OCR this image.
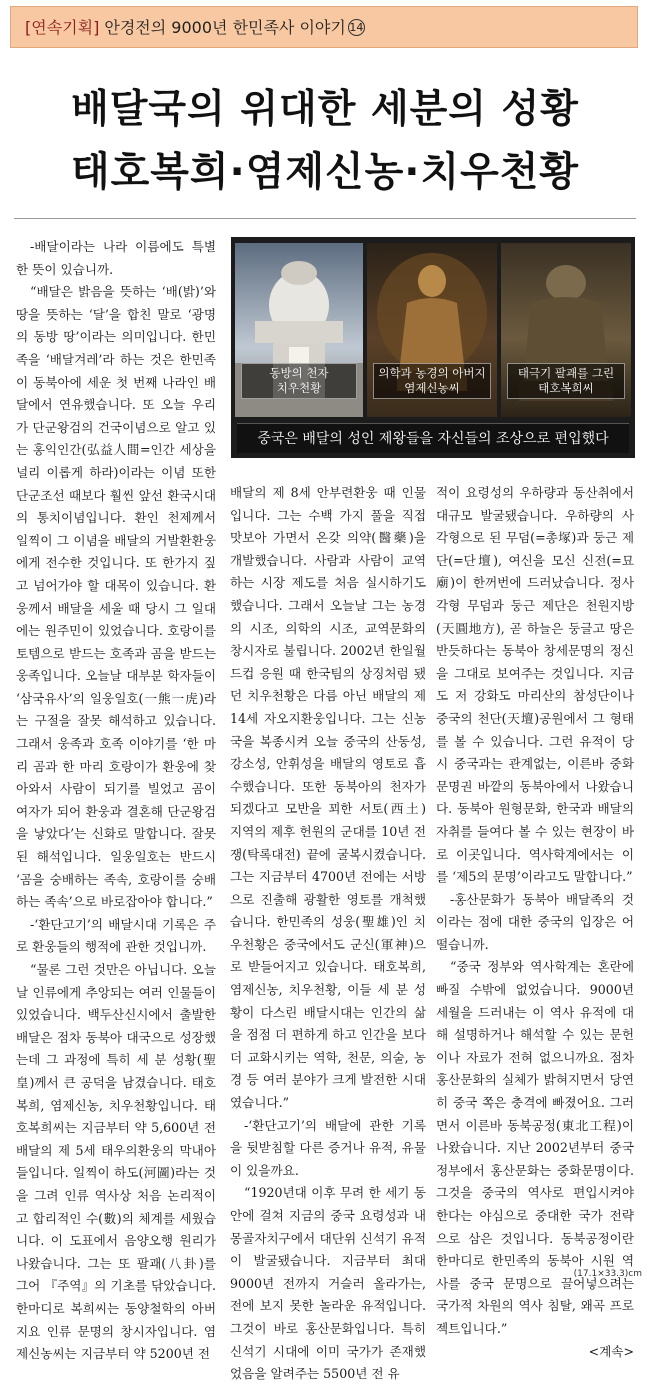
[연속기획] 안경전의 9000년 한민족사 이야기 14
배달국의 위대한 세분의 성황
태호복희·염제신농·치우천황
동방의 천자
치우천황
의학과 농경의 아버지
염제신농씨
태극기 팔괘를 그린
태호복희씨
중국은 배달의 성인 제왕들을 자신들의 조상으로 편입했다

-배달이라는 나라 이름에도 특별한 뜻이 있습니까.

“배달은 밝음을 뜻하는 ‘배(밝)’와 땅을 뜻하는 ‘달’을 합친 말로 ‘광명의 동방 땅’이라는 의미입니다. 한민족을 ‘배달겨레’라 하는 것은 한민족이 동북아에 세운 첫 번째 나라인 배달에서 연유했습니다. 또 오늘 우리가 단군왕검의 건국이념으로 알고 있는 홍익인간(弘益人間=인간 세상을 널리 이롭게 하라)이라는 이념 또한 단군조선 때보다 훨씬 앞선 환국시대의 통치이념입니다. 환인 천제께서 일찍이 그 이념을 배달의 거발환환웅에게 전수한 것입니다. 또 한가지 짚고 넘어가야 할 대목이 있습니다. 환웅께서 배달을 세울 때 당시 그 일대에는 원주민이 있었습니다. 호랑이를 토템으로 받드는 호족과 곰을 받드는 웅족입니다. 오늘날 대부분 학자들이 ‘삼국유사’의 일웅일호(一熊一虎)라는 구절을 잘못 해석하고 있습니다. 그래서 웅족과 호족 이야기를 ‘한 마리 곰과 한 마리 호랑이가 환웅에 찾아와서 사람이 되기를 빌었고 곰이 여자가 되어 환웅과 결혼해 단군왕검을 낳았다’는 신화로 말합니다. 잘못된 해석입니다. 일웅일호는 반드시 ‘곰을 숭배하는 족속, 호랑이를 숭배하는 족속’으로 바로잡아야 합니다.”

-‘환단고기’의 배달시대 기록은 주로 환웅들의 행적에 관한 것입니까.

“물론 그런 것만은 아닙니다. 오늘날 인류에게 추앙되는 여러 인물들이 있었습니다. 백두산신시에서 출발한 배달은 점차 동북아 대국으로 성장했는데 그 과정에 특히 세 분 성황(聖皇)께서 큰 공덕을 남겼습니다. 태호복희, 염제신농, 치우천황입니다. 태호복희씨는 지금부터 약 5,600년 전 배달의 제 5세 태우의환웅의 막내아들입니다. 일찍이 하도(河圖)라는 것을 그려 인류 역사상 처음 논리적이고 합리적인 수(數)의 체계를 세웠습니다. 이 도표에서 음양오행 원리가 나왔습니다. 그는 또 팔괘(八卦)를 그어 『주역』의 기초를 닦았습니다. 한마디로 복희씨는 동양철학의 아버지요 인류 문명의 창시자입니다. 염제신농씨는 지금부터 약 5200년 전

배달의 제 8세 안부련환웅 때 인물입니다. 그는 수백 가지 풀을 직접 맛보아 가면서 온갖 의약(醫藥)을 개발했습니다. 사람과 사람이 교역하는 시장 제도를 처음 실시하기도 했습니다. 그래서 오늘날 그는 농경의 시조, 의학의 시조, 교역문화의 창시자로 불립니다. 2002년 한일월드컵 응원 때 한국팀의 상징처럼 됐던 치우천황은 다름 아닌 배달의 제 14세 자오지환웅입니다. 그는 신농국을 복종시켜 오늘 중국의 산동성, 강소성, 안휘성을 배달의 영토로 흡수했습니다. 또한 동북아의 천자가 되겠다고 모반을 꾀한 서토(西土) 지역의 제후 헌원의 군대를 10년 전쟁(탁록대전) 끝에 굴복시켰습니다. 그는 지금부터 4700년 전에는 서방으로 진출해 광활한 영토를 개척했습니다. 한민족의 성웅(聖雄)인 치우천황은 중국에서도 군신(軍神)으로 받들어지고 있습니다. 태호복희, 염제신농, 치우천황, 이들 세 분 성황이 다스린 배달시대는 인간의 삶을 점점 더 편하게 하고 인간을 보다 더 교화시키는 역학, 천문, 의술, 농경 등 여러 분야가 크게 발전한 시대였습니다.”

-‘환단고기’의 배달에 관한 기록을 뒷받침할 다른 증거나 유적, 유물이 있을까요.

“1920년대 이후 무려 한 세기 동안에 걸쳐 지금의 중국 요령성과 내몽골자치구에서 대단위 신석기 유적이 발굴됐습니다. 지금부터 최대 9000년 전까지 거슬러 올라가는, 전에 보지 못한 놀라운 유적입니다. 그것이 바로 홍산문화입니다. 특히 신석기 시대에 이미 국가가 존재했었음을 알려주는 5500년 전 유

적이 요령성의 우하량과 동산취에서 대규모 발굴됐습니다. 우하량의 사각형으로 된 무덤(=총塚)과 둥근 제단(=단壇), 여신을 모신 신전(=묘廟)이 한꺼번에 드러났습니다. 정사각형 무덤과 둥근 제단은 천원지방(天圓地方), 곧 하늘은 둥글고 땅은 반듯하다는 동북아 창세문명의 정신을 그대로 보여주는 것입니다. 지금도 저 강화도 마리산의 참성단이나 중국의 천단(天壇)공원에서 그 형태를 볼 수 있습니다. 그런 유적이 당시 중국과는 관계없는, 이른바 중화문명권 바깥의 동북아에서 나왔습니다. 동북아 원형문화, 한국과 배달의 자취를 들여다 볼 수 있는 현장이 바로 이곳입니다. 역사학계에서는 이를 ‘제5의 문명’이라고도 말합니다.”

-홍산문화가 동북아 배달족의 것이라는 점에 대한 중국의 입장은 어떨습니까.

“중국 정부와 역사학계는 혼란에 빠질 수밖에 없었습니다. 9000년 세월을 드러내는 이 역사 유적에 대해 설명하거나 해석할 수 있는 문헌이나 자료가 전혀 없으니까요. 점차 홍산문화의 실체가 밝혀지면서 당연히 중국 쪽은 충격에 빠졌어요. 그러면서 이른바 동북공정(東北工程)이 나왔습니다. 지난 2002년부터 중국 정부에서 홍산문화는 중화문명이다. 그것을 중국의 역사로 편입시켜야 한다는 야심으로 중대한 국가 전략으로 삼은 것입니다. 동북공정이란 한마디로 한민족의 동북아 시원 역사를 중국 문명으로 끌어넣으려는 국가적 차원의 역사 침탈, 왜곡 프로젝트입니다.”

<계속>

(17.1×33.3)cm
